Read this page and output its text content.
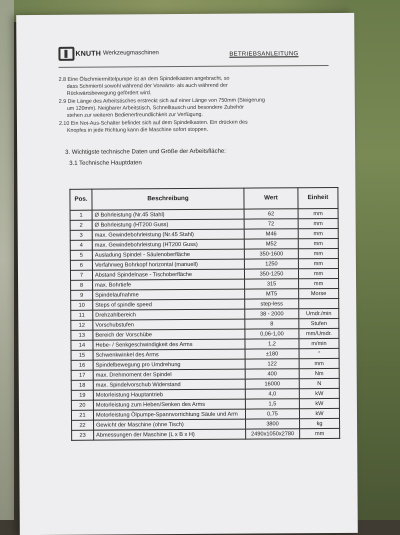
KNUTH Werkzeugmaschinen	BETRIEBSANLEITUNG
2.8 Eine Ölschmiermittelpumpe ist an dem Spindelkasten angebracht, so
dass Schmieröl sowohl während der Vorwärts- als auch während der
Rückwärtsbewegung gefördert wird.
2.9 Die Länge des Arbeitstisches erstreckt sich auf einer Länge von 750mm (Steigerung
um 120mm). Neigbarer Arbeitstisch, Schnelltausch und besondere Zubehör
stehen zur weiteren Bedienerfreundlichkeit zur Verfügung.
2.10 Ein Not-Aus-Schalter befindet sich auf dem Spindelkasten. Ein drücken des
Knopfes in jede Richtung kann die Maschine sofort stoppen.
3. Wichtigste technische Daten und Größe der Arbeitsfläche:
3.1 Technische Hauptdaten
Pos.	Beschreibung	Wert	Einheit
1	Ø Bohrleistung (Nr.45 Stahl)	62	mm
2	Ø Bohrleistung (HT200 Guss)	72	mm
3	max. Gewindebohrleistung (Nr.45 Stahl)	M46	mm
4	max. Gewindebohrleistung (HT200 Guss)	M52	mm
5	Ausladung Spindel - Säulenoberfläche	350-1600	mm
6	Verfahrweg Bohrkopf horizontal (manuell)	1250	mm
7	Abstand Spindelnase - Tischoberfläche	350-1250	mm
8	max. Bohrtiefe	315	mm
9	Spindelaufnahme	MT5	Morse
10	Steps of spindle speed	step-less	
11	Drehzahlbereich	38 - 2000	Umdr./min
12	Vorschubstufen	8	Stufen
13	Bereich der Vorschübe	0,06-1,00	mm/Umdr.
14	Hebe- / Senkgeschwindigkeit des Arms	1,2	m/min
15	Schwenkwinkel des Arms	±180	°
16	Spindelbewegung pro Umdrehung	122	mm
17	max. Drehmoment der Spindel	400	Nm
18	max. Spindelvorschub Widerstand	16000	N
19	Motorleistung Hauptantrieb	4,0	kW
20	Motorleistung zum Heben/Senken des Arms	1,5	kW
21	Motorleistung Ölpumpe-Spannvorrichtung Säule und Arm	0,75	kW
22	Gewicht der Maschine (ohne Tisch)	3800	kg
23	Abmessungen der Maschine (L x B x H)	2490x1050x2780	mm
